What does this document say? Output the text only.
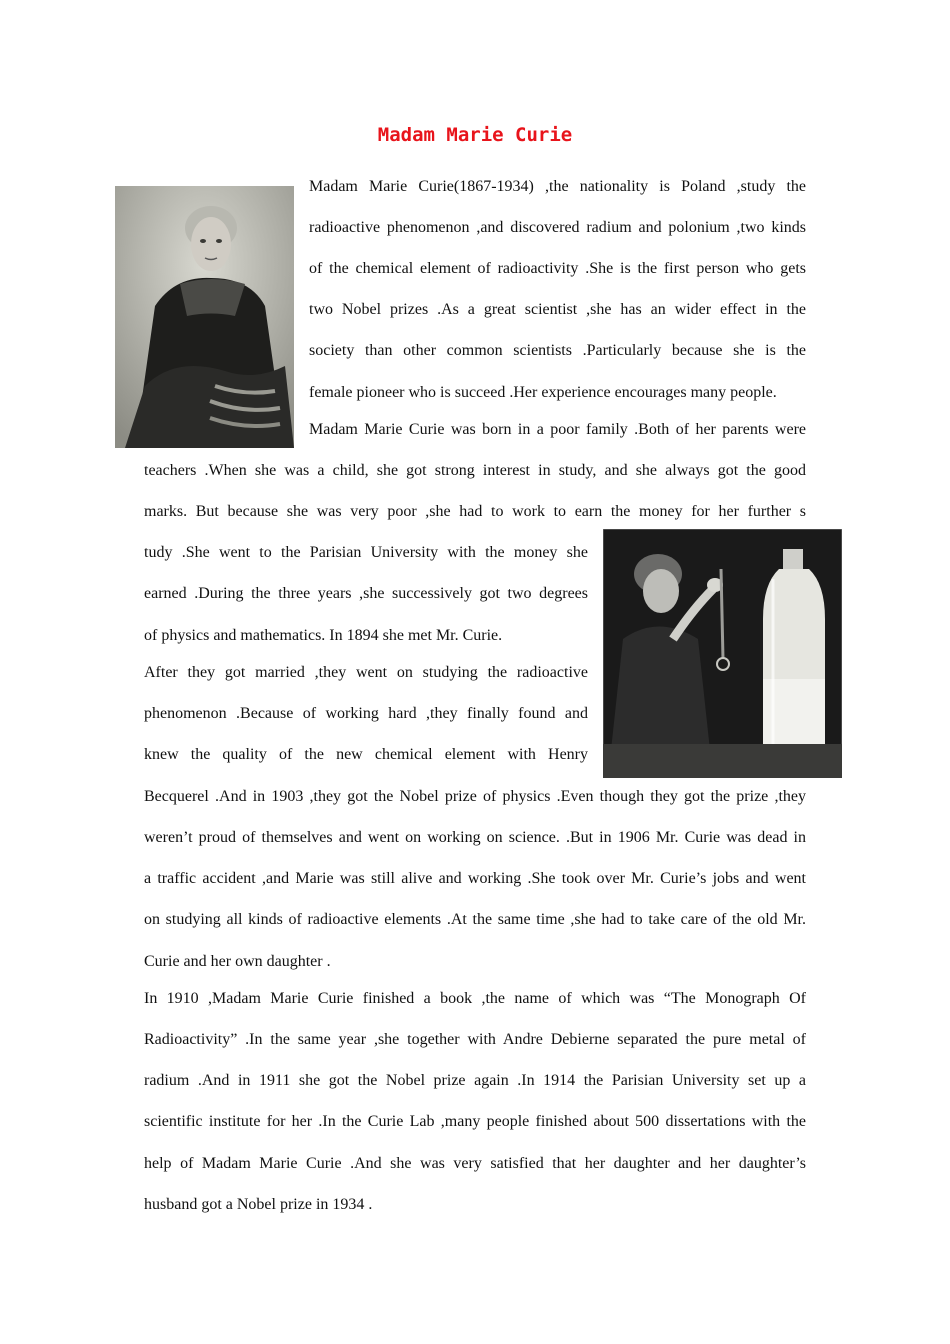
Madam Marie Curie
Madam Marie Curie(1867-1934) ,the nationality is Poland ,study the
radioactive phenomenon ,and discovered radium and polonium ,two kinds
of the chemical element of radioactivity .She is the first person who gets
two Nobel prizes .As a great scientist ,she has an wider effect in the
society than other common scientists .Particularly because she is the
female pioneer who is succeed .Her experience encourages many people.
Madam Marie Curie was born in a poor family .Both of her parents were
teachers .When she was a child, she got strong interest in study, and she always got the good
marks. But because she was very poor ,she had to work to earn the money for her further s
tudy .She went to the Parisian University with the money she
earned .During the three years ,she successively got two degrees
of physics and mathematics. In 1894 she met Mr. Curie.
After they got married ,they went on studying the radioactive
phenomenon .Because of working hard ,they finally found and
knew the quality of the new chemical element with Henry
Becquerel .And in 1903 ,they got the Nobel prize of physics .Even though they got the prize ,they
weren’t proud of themselves and went on working on science. .But in 1906 Mr. Curie was dead in
a traffic accident ,and Marie was still alive and working .She took over Mr. Curie’s jobs and went
on studying all kinds of radioactive elements .At the same time ,she had to take care of the old Mr.
Curie and her own daughter .
In 1910 ,Madam Marie Curie finished a book ,the name of which was “The Monograph Of
Radioactivity” .In the same year ,she together with Andre Debierne separated the pure metal of
radium .And in 1911 she got the Nobel prize again .In 1914 the Parisian University set up a
scientific institute for her .In the Curie Lab ,many people finished about 500 dissertations with the
help of Madam Marie Curie .And she was very satisfied that her daughter and her daughter’s
husband got a Nobel prize in 1934 .
